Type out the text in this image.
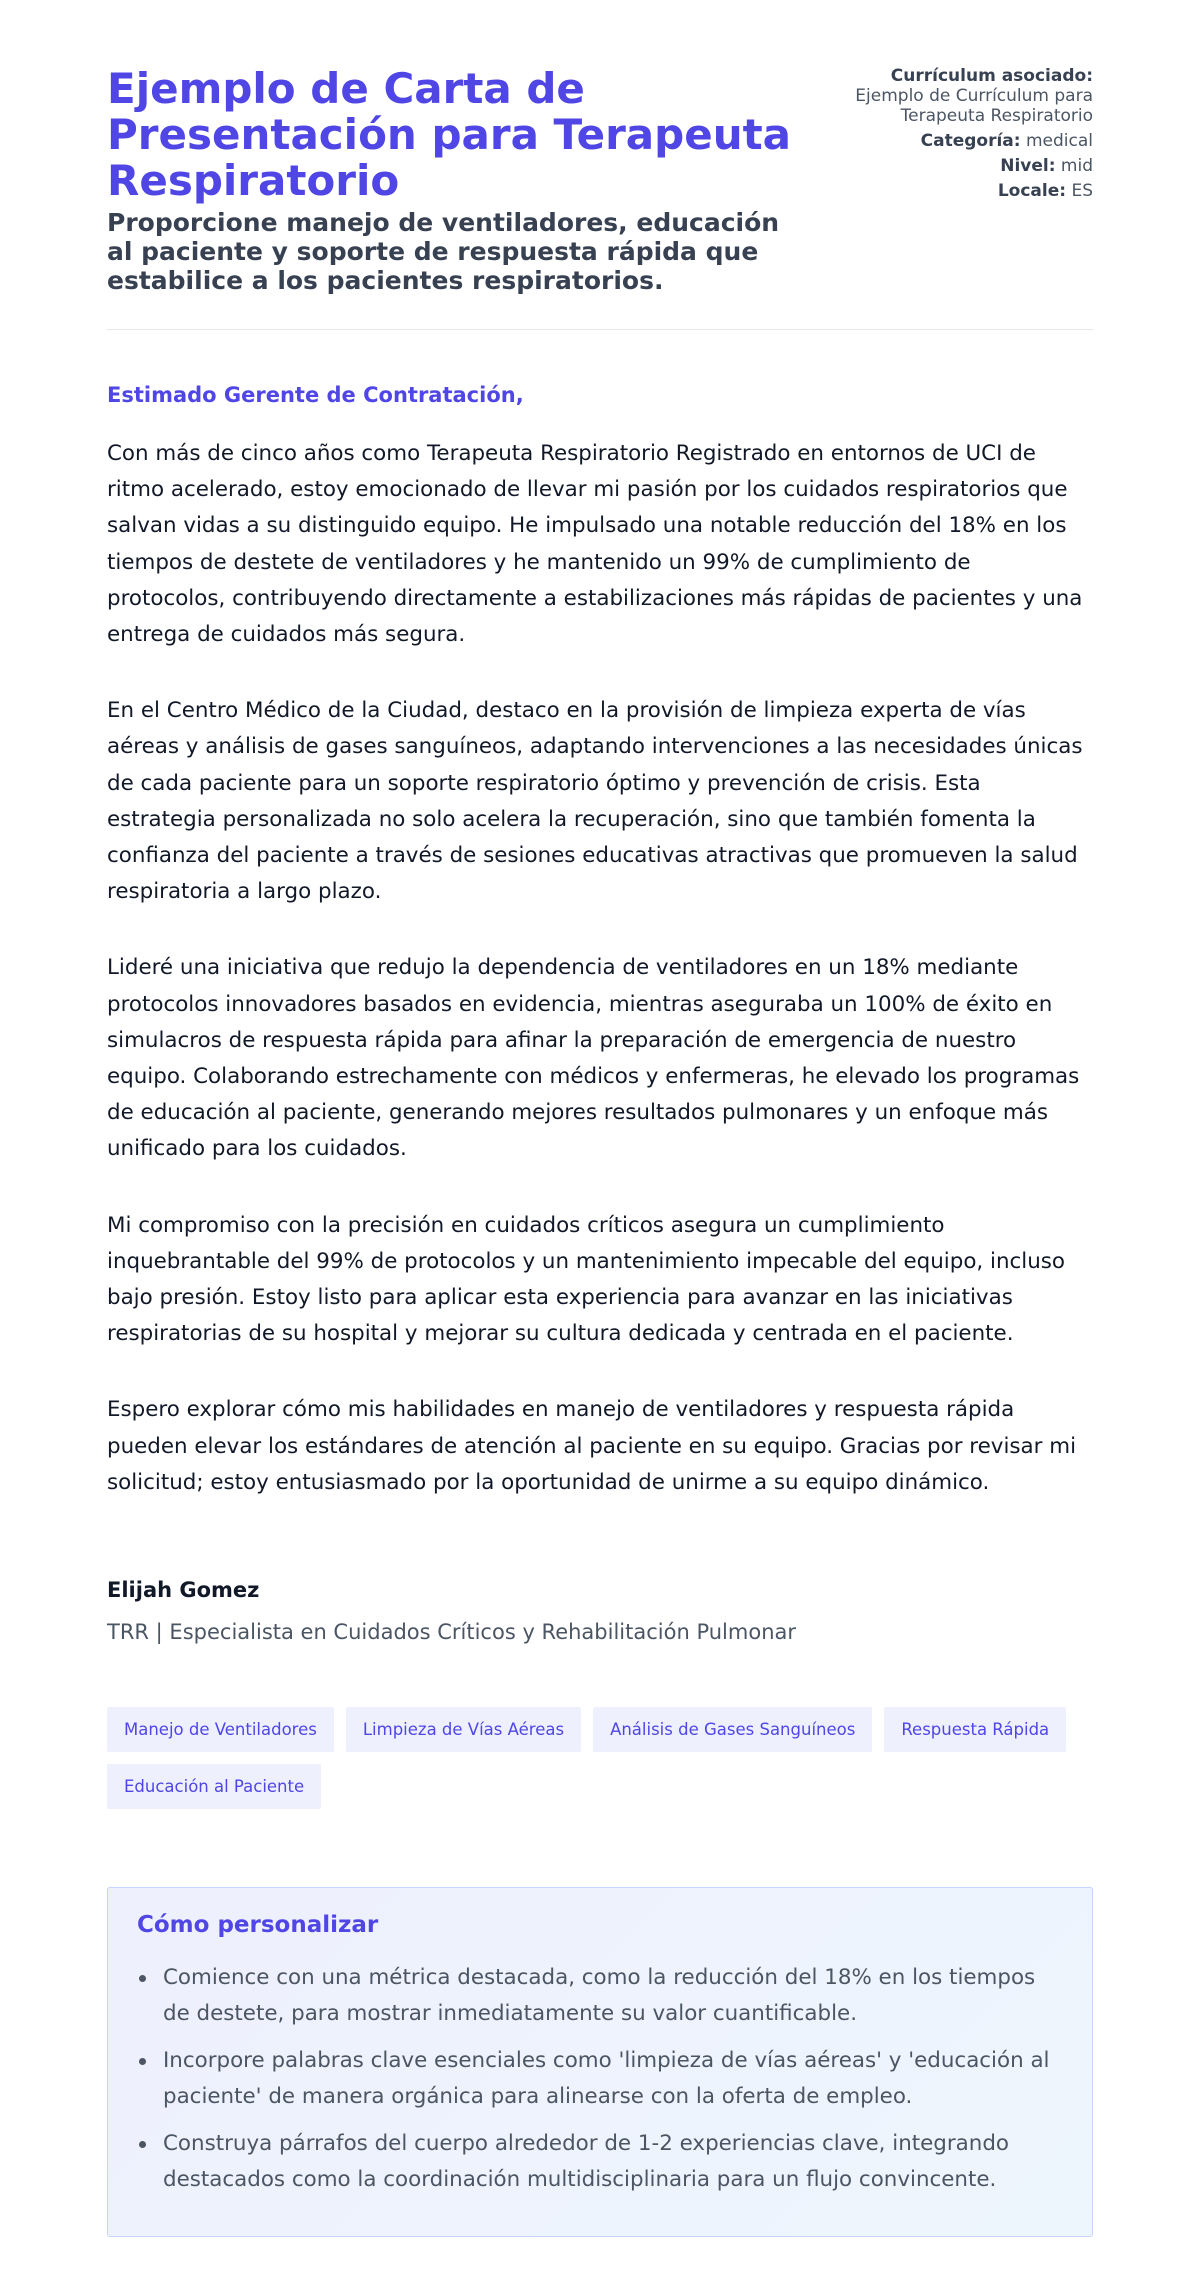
Ejemplo de Carta de Presentación para Terapeuta Respiratorio
Proporcione manejo de ventiladores, educación al paciente y soporte de respuesta rápida que estabilice a los pacientes respiratorios.
Currículum asociado:
Ejemplo de Currículum para Terapeuta Respiratorio
Categoría: medical
Nivel: mid
Locale: ES

Estimado Gerente de Contratación,

Con más de cinco años como Terapeuta Respiratorio Registrado en entornos de UCI de ritmo acelerado, estoy emocionado de llevar mi pasión por los cuidados respiratorios que salvan vidas a su distinguido equipo. He impulsado una notable reducción del 18% en los tiempos de destete de ventiladores y he mantenido un 99% de cumplimiento de protocolos, contribuyendo directamente a estabilizaciones más rápidas de pacientes y una entrega de cuidados más segura.

En el Centro Médico de la Ciudad, destaco en la provisión de limpieza experta de vías aéreas y análisis de gases sanguíneos, adaptando intervenciones a las necesidades únicas de cada paciente para un soporte respiratorio óptimo y prevención de crisis. Esta estrategia personalizada no solo acelera la recuperación, sino que también fomenta la confianza del paciente a través de sesiones educativas atractivas que promueven la salud respiratoria a largo plazo.

Lideré una iniciativa que redujo la dependencia de ventiladores en un 18% mediante protocolos innovadores basados en evidencia, mientras aseguraba un 100% de éxito en simulacros de respuesta rápida para afinar la preparación de emergencia de nuestro equipo. Colaborando estrechamente con médicos y enfermeras, he elevado los programas de educación al paciente, generando mejores resultados pulmonares y un enfoque más unificado para los cuidados.

Mi compromiso con la precisión en cuidados críticos asegura un cumplimiento inquebrantable del 99% de protocolos y un mantenimiento impecable del equipo, incluso bajo presión. Estoy listo para aplicar esta experiencia para avanzar en las iniciativas respiratorias de su hospital y mejorar su cultura dedicada y centrada en el paciente.

Espero explorar cómo mis habilidades en manejo de ventiladores y respuesta rápida pueden elevar los estándares de atención al paciente en su equipo. Gracias por revisar mi solicitud; estoy entusiasmado por la oportunidad de unirme a su equipo dinámico.

Elijah Gomez
TRR | Especialista en Cuidados Críticos y Rehabilitación Pulmonar
Manejo de Ventiladores	Limpieza de Vías Aéreas	Análisis de Gases Sanguíneos	Respuesta Rápida
Educación al Paciente
Cómo personalizar
Comience con una métrica destacada, como la reducción del 18% en los tiempos de destete, para mostrar inmediatamente su valor cuantificable.
Incorpore palabras clave esenciales como 'limpieza de vías aéreas' y 'educación al paciente' de manera orgánica para alinearse con la oferta de empleo.
Construya párrafos del cuerpo alrededor de 1-2 experiencias clave, integrando destacados como la coordinación multidisciplinaria para un flujo convincente.
